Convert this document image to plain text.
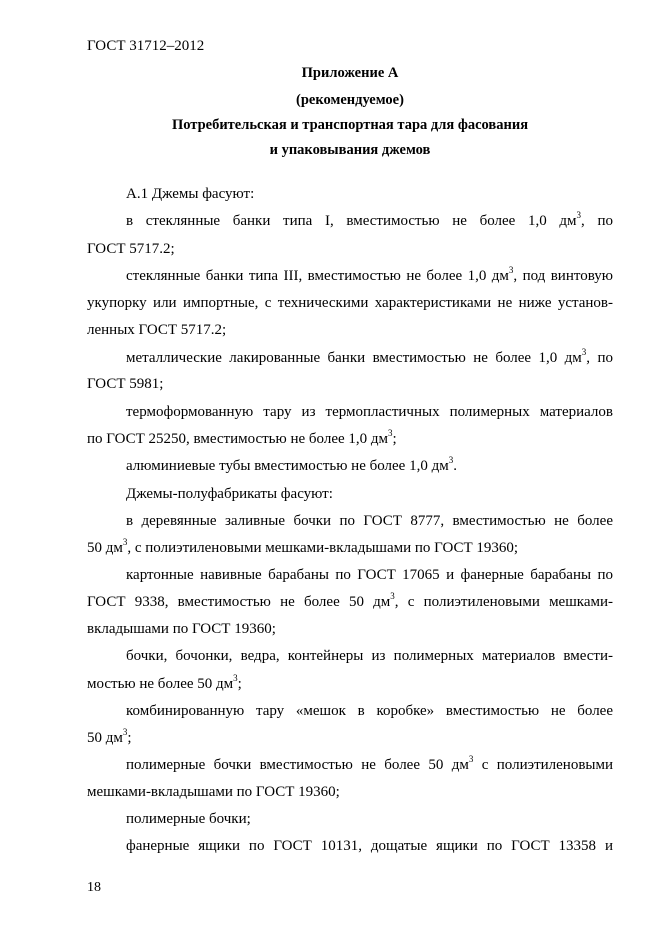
ГОСТ 31712–2012
Приложение А
(рекомендуемое)
Потребительская и транспортная тара для фасования
и упаковывания джемов
А.1 Джемы фасуют:
в стеклянные банки типа I, вместимостью не более 1,0 $дм^3$, по
ГОСТ 5717.2;
стеклянные банки типа III, вместимостью не более 1,0 $дм^3$, под винтовую
укупорку или импортные, с техническими характеристиками не ниже установ-
ленных ГОСТ 5717.2;
металлические лакированные банки вместимостью не более 1,0 $дм^3$, по
ГОСТ 5981;
термоформованную тару из термопластичных полимерных материалов
по ГОСТ 25250, вместимостью не более 1,0 $дм^3$;
алюминиевые тубы вместимостью не более 1,0 $дм^3$.
Джемы-полуфабрикаты фасуют:
в деревянные заливные бочки по ГОСТ 8777, вместимостью не более
50 $дм^3$, с полиэтиленовыми мешками-вкладышами по ГОСТ 19360;
картонные навивные барабаны по ГОСТ 17065 и фанерные барабаны по
ГОСТ 9338, вместимостью не более 50 $дм^3$, с полиэтиленовыми мешками-
вкладышами по ГОСТ 19360;
бочки, бочонки, ведра, контейнеры из полимерных материалов вмести-
мостью не более 50 $дм^3$;
комбинированную тару «мешок в коробке» вместимостью не более
50 $дм^3$;
полимерные бочки вместимостью не более 50 $дм^3$ с полиэтиленовыми
мешками-вкладышами по ГОСТ 19360;
полимерные бочки;
фанерные ящики по ГОСТ 10131, дощатые ящики по ГОСТ 13358 и
18
